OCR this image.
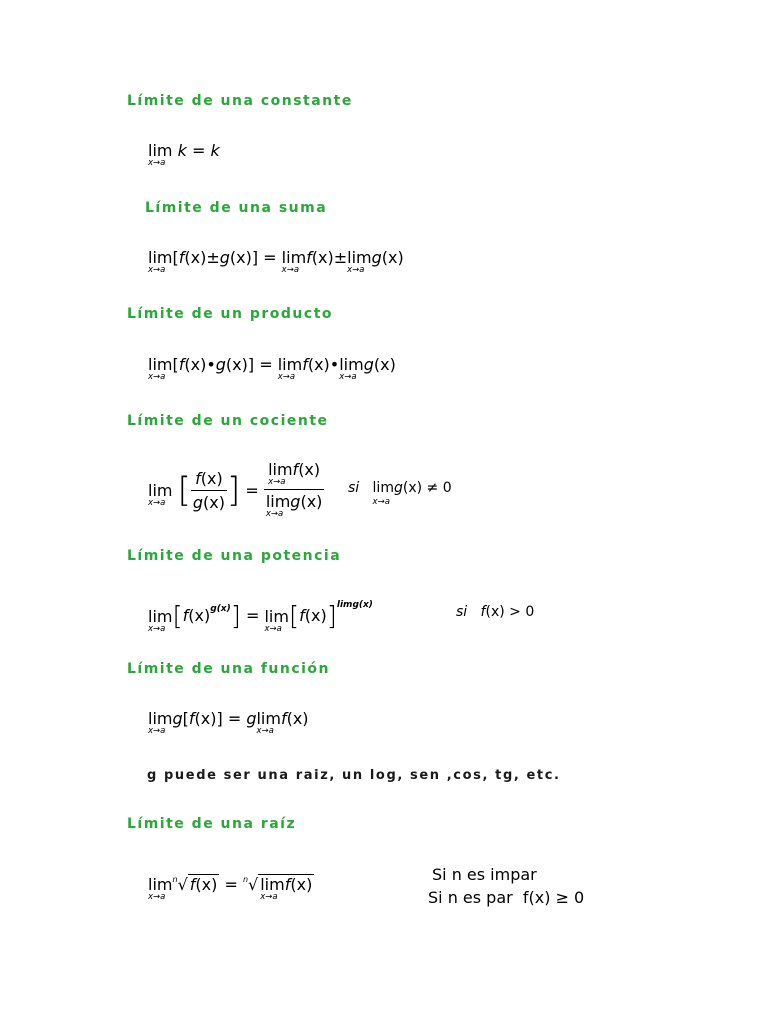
Límite de una constante
Límite de una suma
Límite de un producto
Límite de un cociente
Límite de una potencia
Límite de una función
Límite de una raíz
lim
x→a
k = k
lim
x→a
[f(x)±g(x)] = lim
x→a
f(x)±lim
x→a
g(x)
lim
x→a
[f(x)•g(x)] = lim
x→a
f(x)•lim
x→a
g(x)
lim
x→a [ $\frac{f(x)}{g(x)}$ ] = lim
x→a
f(x)
lim
x→a
g(x) si lim
x→a
g(x) ≠ 0
lim
x→a $[f(x)^{g(x)}] = \lim$
x→a $[f(x)]^{limg(x)}$	si f(x) > 0
lim
x→a
g[f(x)] = glim
x→a
f(x)
g puede ser una raiz, un log, sen ,cos, tg, etc.
lim
x→a
$^n$√ f(x) = $^n$√ lim
x→a
f(x)
Si n es impar
Si n es par f(x) ≥ 0
